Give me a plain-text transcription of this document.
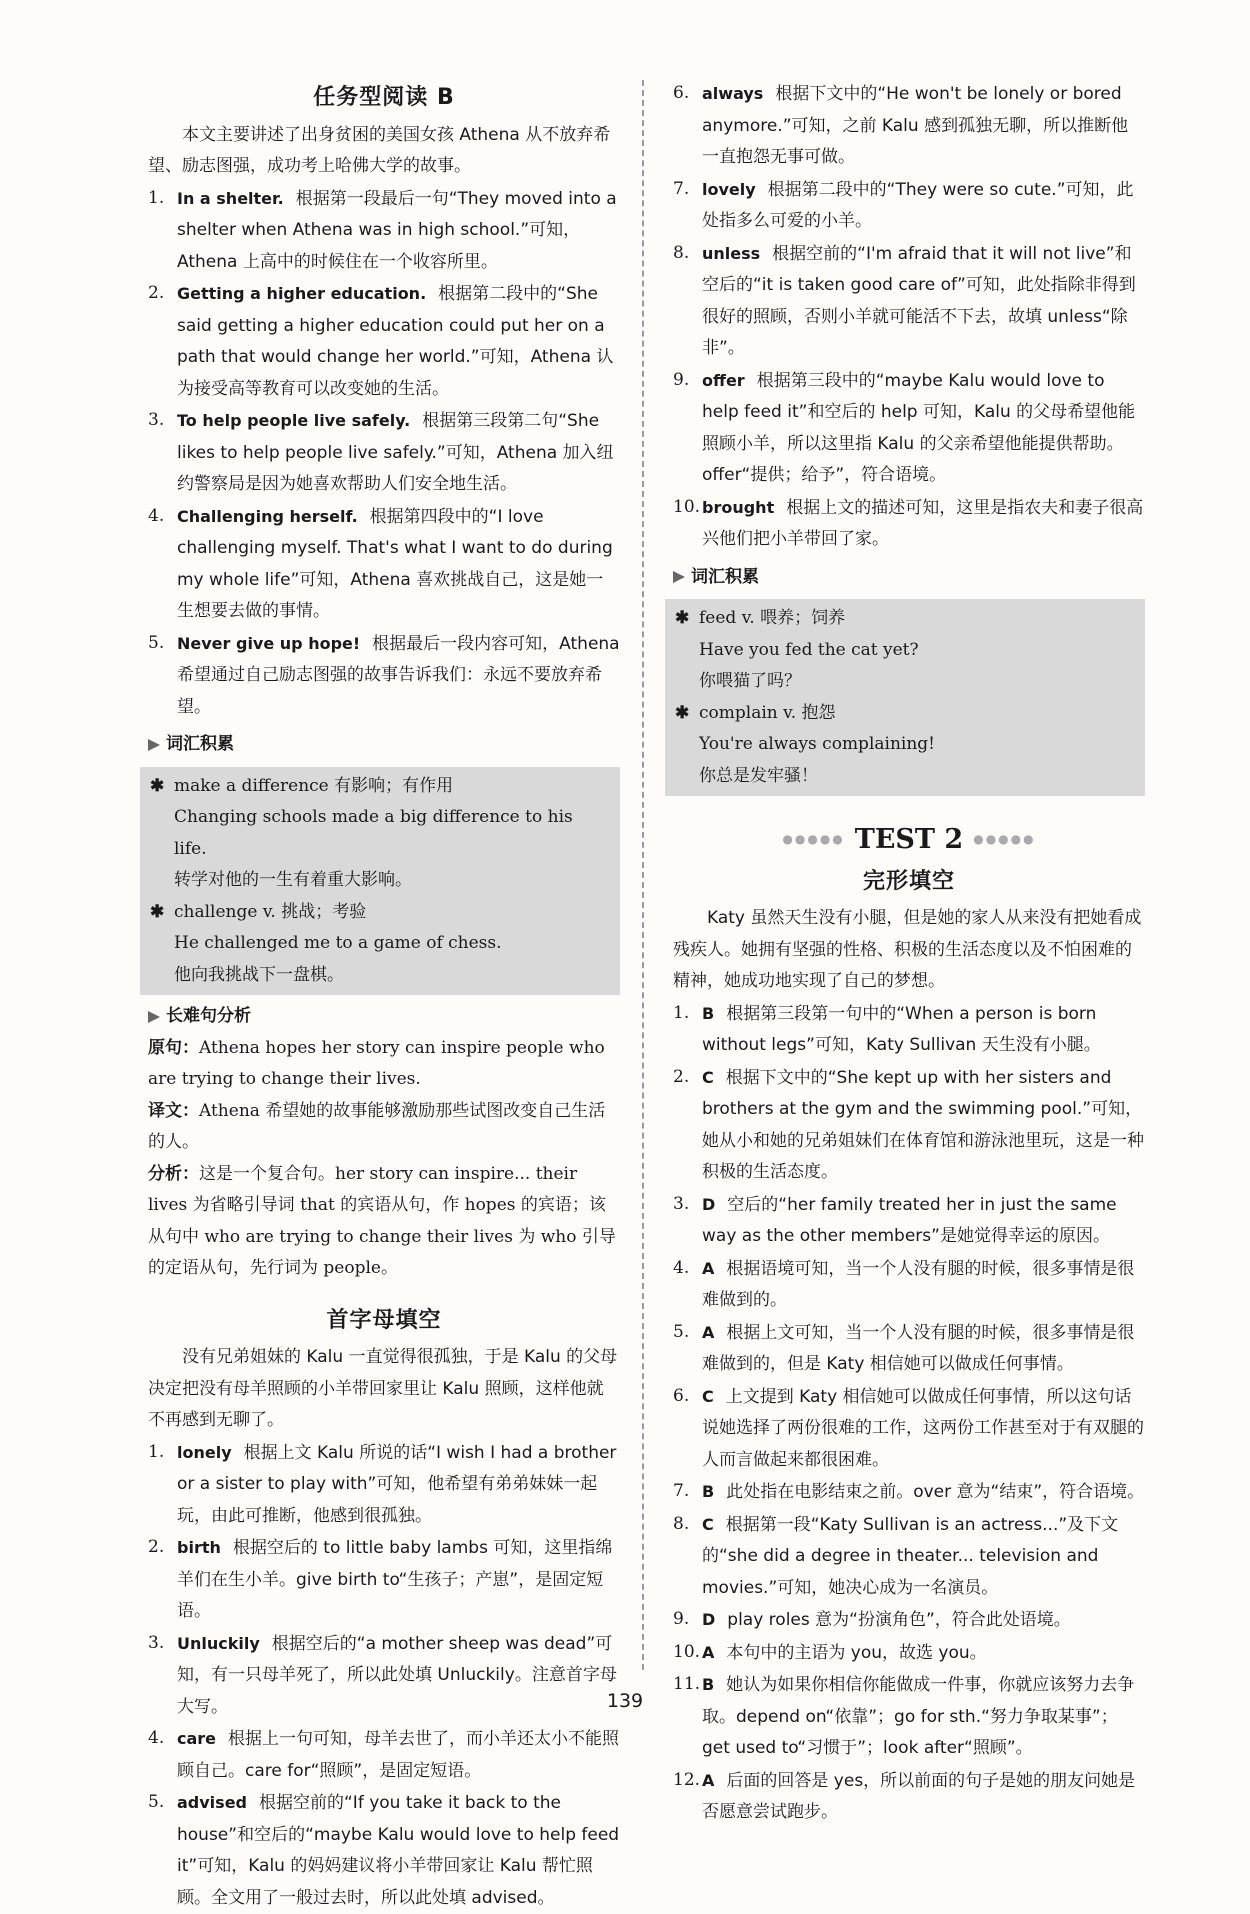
任务型阅读 B

本文主要讲述了出身贫困的美国女孩 Athena 从不放弃希望、励志图强，成功考上哈佛大学的故事。

1. In a shelter. 根据第一段最后一句“They moved into a shelter when Athena was in high school.”可知，Athena 上高中的时候住在一个收容所里。
2. Getting a higher education. 根据第二段中的“She said getting a higher education could put her on a path that would change her world.”可知，Athena 认为接受高等教育可以改变她的生活。
3. To help people live safely. 根据第三段第二句“She likes to help people live safely.”可知，Athena 加入纽约警察局是因为她喜欢帮助人们安全地生活。
4. Challenging herself. 根据第四段中的“I love challenging myself. That's what I want to do during my whole life”可知，Athena 喜欢挑战自己，这是她一生想要去做的事情。
5. Never give up hope! 根据最后一段内容可知，Athena 希望通过自己励志图强的故事告诉我们：永远不要放弃希望。
词汇积累
✱ make a difference 有影响；有作用
Changing schools made a big difference to his life.
转学对他的一生有着重大影响。
✱ challenge v. 挑战；考验
He challenged me to a game of chess.
他向我挑战下一盘棋。
长难句分析

原句：Athena hopes her story can inspire people who are trying to change their lives.

译文：Athena 希望她的故事能够激励那些试图改变自己生活的人。

分析：这是一个复合句。her story can inspire... their lives 为省略引导词 that 的宾语从句，作 hopes 的宾语；该从句中 who are trying to change their lives 为 who 引导的定语从句，先行词为 people。

首字母填空

没有兄弟姐妹的 Kalu 一直觉得很孤独，于是 Kalu 的父母决定把没有母羊照顾的小羊带回家里让 Kalu 照顾，这样他就不再感到无聊了。

1. lonely 根据上文 Kalu 所说的话“I wish I had a brother or a sister to play with”可知，他希望有弟弟妹妹一起玩，由此可推断，他感到很孤独。
2. birth 根据空后的 to little baby lambs 可知，这里指绵羊们在生小羊。give birth to“生孩子；产崽”，是固定短语。
3. Unluckily 根据空后的“a mother sheep was dead”可知，有一只母羊死了，所以此处填 Unluckily。注意首字母大写。
4. care 根据上一句可知，母羊去世了，而小羊还太小不能照顾自己。care for“照顾”，是固定短语。
5. advised 根据空前的“If you take it back to the house”和空后的“maybe Kalu would love to help feed it”可知，Kalu 的妈妈建议将小羊带回家让 Kalu 帮忙照顾。全文用了一般过去时，所以此处填 advised。
6. always 根据下文中的“He won't be lonely or bored anymore.”可知，之前 Kalu 感到孤独无聊，所以推断他一直抱怨无事可做。
7. lovely 根据第二段中的“They were so cute.”可知，此处指多么可爱的小羊。
8. unless 根据空前的“I'm afraid that it will not live”和空后的“it is taken good care of”可知，此处指除非得到很好的照顾，否则小羊就可能活不下去，故填 unless“除非”。
9. offer 根据第三段中的“maybe Kalu would love to help feed it”和空后的 help 可知，Kalu 的父母希望他能照顾小羊，所以这里指 Kalu 的父亲希望他能提供帮助。offer“提供；给予”，符合语境。
10. brought 根据上文的描述可知，这里是指农夫和妻子很高兴他们把小羊带回了家。
词汇积累
✱ feed v. 喂养；饲养
Have you fed the cat yet?
你喂猫了吗？
✱ complain v. 抱怨
You're always complaining!
你总是发牢骚！
●●●●● TEST 2 ●●●●●
完形填空

Katy 虽然天生没有小腿，但是她的家人从来没有把她看成残疾人。她拥有坚强的性格、积极的生活态度以及不怕困难的精神，她成功地实现了自己的梦想。

1. B 根据第三段第一句中的“When a person is born without legs”可知，Katy Sullivan 天生没有小腿。
2. C 根据下文中的“She kept up with her sisters and brothers at the gym and the swimming pool.”可知，她从小和她的兄弟姐妹们在体育馆和游泳池里玩，这是一种积极的生活态度。
3. D 空后的“her family treated her in just the same way as the other members”是她觉得幸运的原因。
4. A 根据语境可知，当一个人没有腿的时候，很多事情是很难做到的。
5. A 根据上文可知，当一个人没有腿的时候，很多事情是很难做到的，但是 Katy 相信她可以做成任何事情。
6. C 上文提到 Katy 相信她可以做成任何事情，所以这句话说她选择了两份很难的工作，这两份工作甚至对于有双腿的人而言做起来都很困难。
7. B 此处指在电影结束之前。over 意为“结束”，符合语境。
8. C 根据第一段“Katy Sullivan is an actress...”及下文的“she did a degree in theater... television and movies.”可知，她决心成为一名演员。
9. D play roles 意为“扮演角色”，符合此处语境。
10. A 本句中的主语为 you，故选 you。
11. B 她认为如果你相信你能做成一件事，你就应该努力去争取。depend on“依靠”；go for sth.“努力争取某事”；get used to“习惯于”；look after“照顾”。
12. A 后面的回答是 yes，所以前面的句子是她的朋友问她是否愿意尝试跑步。
139
